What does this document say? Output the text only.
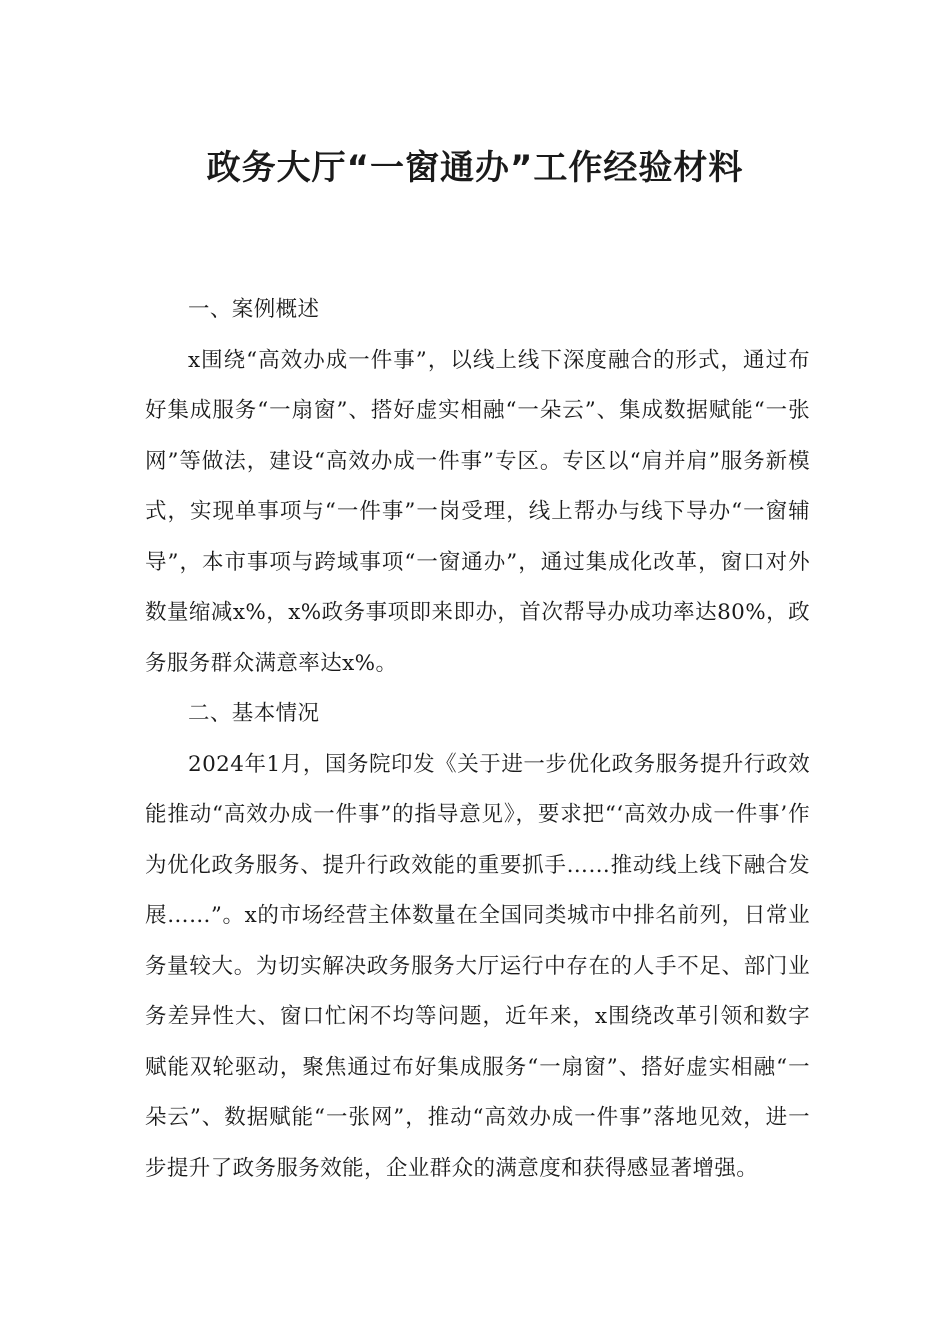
政务大厅“一窗通办”工作经验材料

一、案例概述

x围绕“高效办成一件事”，以线上线下深度融合的形式，通过布好集成服务“一扇窗”、搭好虚实相融“一朵云”、集成数据赋能“一张网”等做法，建设“高效办成一件事”专区。专区以“肩并肩”服务新模式，实现单事项与“一件事”一岗受理，线上帮办与线下导办“一窗辅导”，本市事项与跨域事项“一窗通办”，通过集成化改革，窗口对外数量缩减x%，x%政务事项即来即办，首次帮导办成功率达80%，政务服务群众满意率达x%。

二、基本情况

2024年1月，国务院印发《关于进一步优化政务服务提升行政效能推动“高效办成一件事”的指导意见》，要求把“‘高效办成一件事’作为优化政务服务、提升行政效能的重要抓手……推动线上线下融合发展……”。x的市场经营主体数量在全国同类城市中排名前列，日常业务量较大。为切实解决政务服务大厅运行中存在的人手不足、部门业务差异性大、窗口忙闲不均等问题，近年来，x围绕改革引领和数字赋能双轮驱动，聚焦通过布好集成服务“一扇窗”、搭好虚实相融“一朵云”、数据赋能“一张网”，推动“高效办成一件事”落地见效，进一步提升了政务服务效能，企业群众的满意度和获得感显著增强。
